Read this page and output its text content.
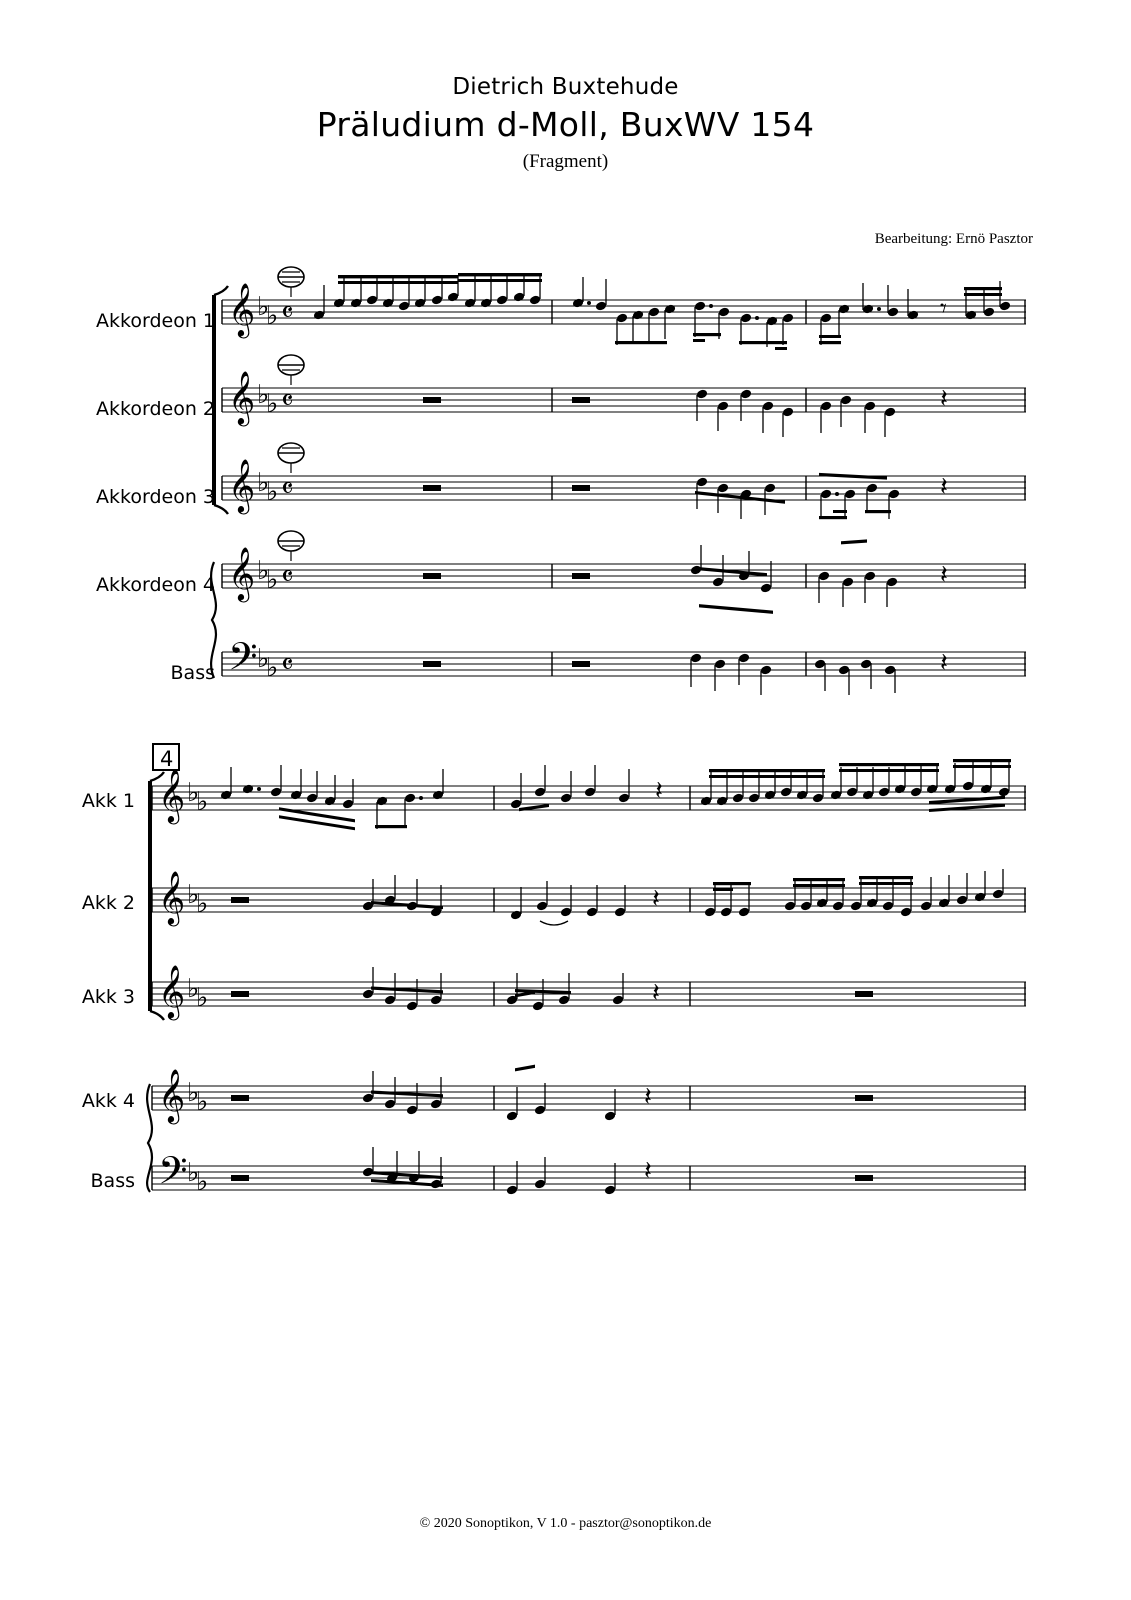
Dietrich Buxtehude
Präludium d-Moll, BuxWV 154
(Fragment)
Bearbeitung: Ernö Pasztor
Akkordeon 1
Akkordeon 2
Akkordeon 3
Akkordeon 4
Bass
𝄞
𝄞
𝄞
𝄞
𝄢
♭
♭
♭
♭
♭
♭
♭
♭
♭
♭
𝄴
𝄴
𝄴
𝄴
𝄴
𝄾
𝄽
𝄽
𝄽
𝄽
Akk 1
Akk 2
Akk 3
Akk 4
Bass
𝄞
𝄞
𝄞
𝄞
𝄢
♭
♭
♭
♭
♭
♭
♭
♭
♭
♭
4
𝄽
𝄽
𝄽
𝄽
𝄽
© 2020 Sonoptikon, V 1.0 - pasztor@sonoptikon.de
